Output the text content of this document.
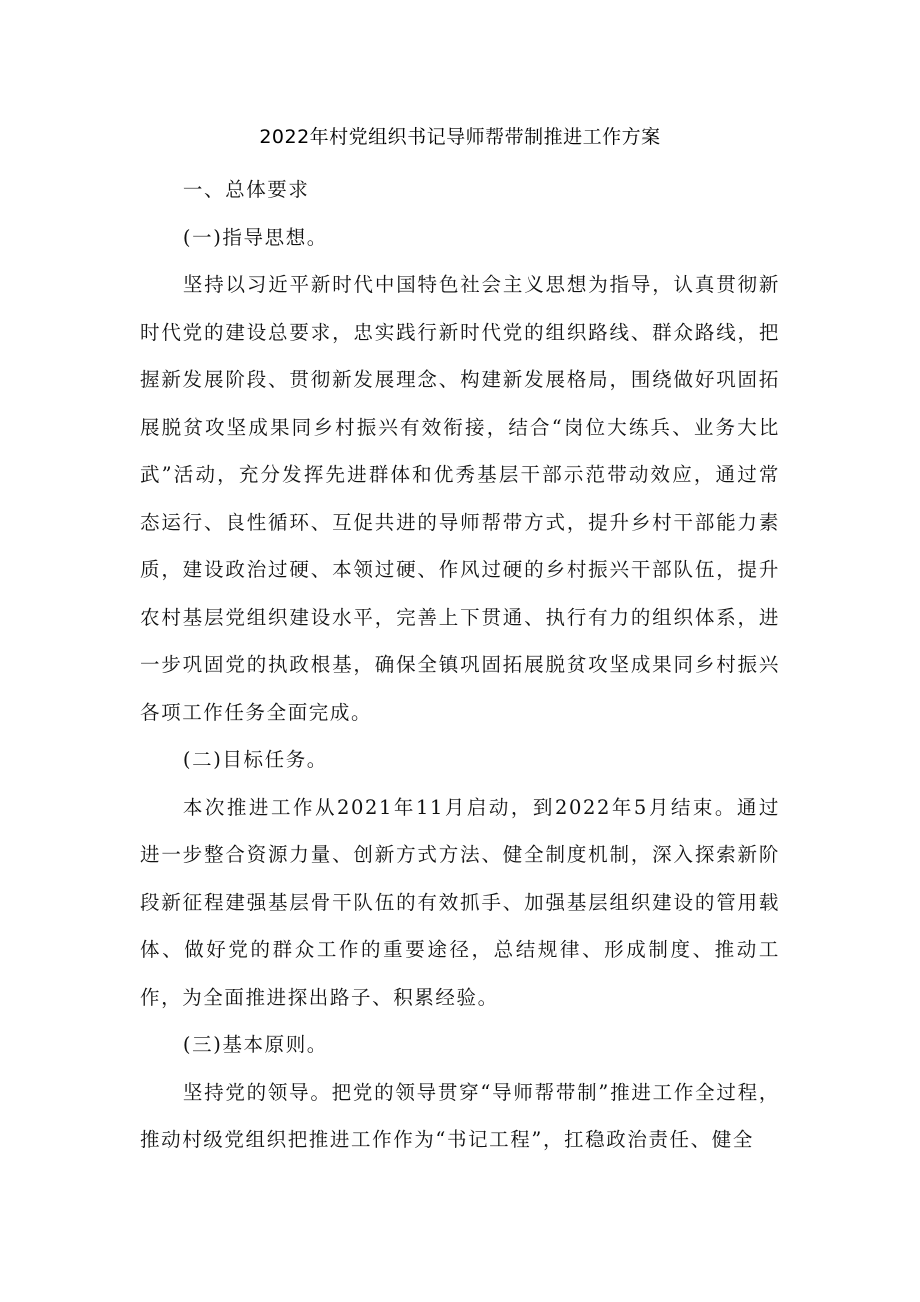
2022年村党组织书记导师帮带制推进工作方案

一、总体要求

(一)指导思想。

坚持以习近平新时代中国特色社会主义思想为指导，认真贯彻新时代党的建设总要求，忠实践行新时代党的组织路线、群众路线，把握新发展阶段、贯彻新发展理念、构建新发展格局，围绕做好巩固拓展脱贫攻坚成果同乡村振兴有效衔接，结合“岗位大练兵、业务大比武”活动，充分发挥先进群体和优秀基层干部示范带动效应，通过常态运行、良性循环、互促共进的导师帮带方式，提升乡村干部能力素质，建设政治过硬、本领过硬、作风过硬的乡村振兴干部队伍，提升农村基层党组织建设水平，完善上下贯通、执行有力的组织体系，进一步巩固党的执政根基，确保全镇巩固拓展脱贫攻坚成果同乡村振兴各项工作任务全面完成。

(二)目标任务。

本次推进工作从2021年11月启动，到2022年5月结束。通过进一步整合资源力量、创新方式方法、健全制度机制，深入探索新阶段新征程建强基层骨干队伍的有效抓手、加强基层组织建设的管用载体、做好党的群众工作的重要途径，总结规律、形成制度、推动工作，为全面推进探出路子、积累经验。

(三)基本原则。

坚持党的领导。把党的领导贯穿“导师帮带制”推进工作全过程，推动村级党组织把推进工作作为“书记工程”，扛稳政治责任、健全
